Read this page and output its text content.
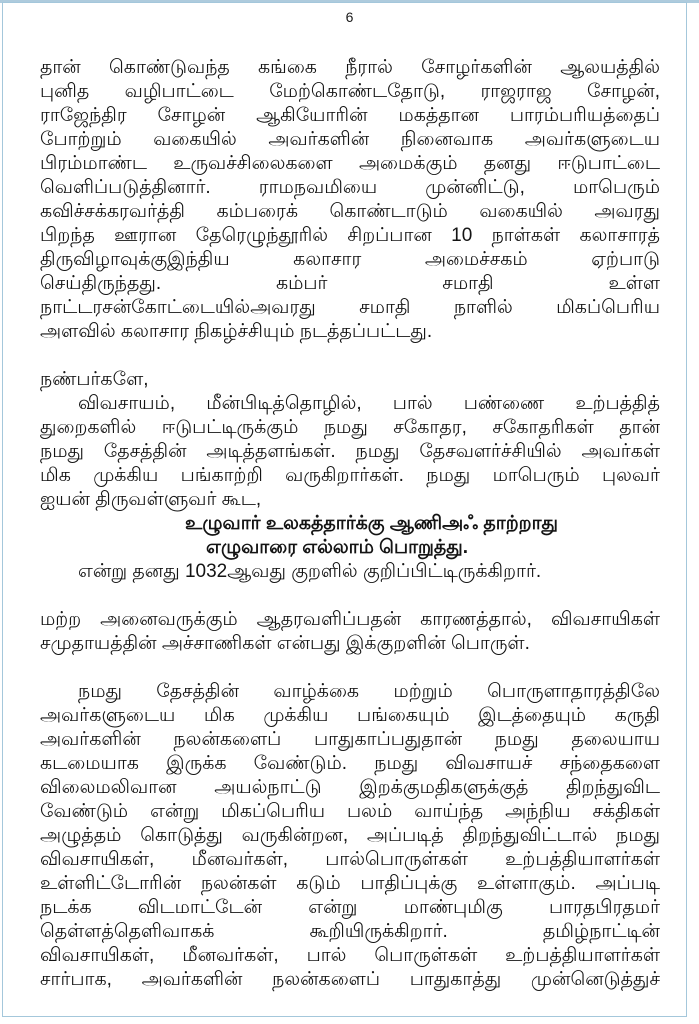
6
தான் கொண்டுவந்த கங்கை நீரால் சோழர்களின் ஆலயத்தில்
புனித வழிபாட்டை மேற்கொண்டதோடு, ராஜராஜ சோழன்,
ராஜேந்திர சோழன் ஆகியோரின் மகத்தான பாரம்பரியத்தைப்
போற்றும் வகையில் அவர்களின் நினைவாக அவர்களுடைய
பிரம்மாண்ட உருவச்சிலைகளை அமைக்கும் தனது ஈடுபாட்டை
வெளிப்படுத்தினார். ராமநவமியை முன்னிட்டு, மாபெரும்
கவிச்சக்கரவர்த்தி கம்பரைக் கொண்டாடும் வகையில் அவரது
பிறந்த ஊரான தேரெழுந்தூரில் சிறப்பான 10 நாள்கள் கலாசாரத்
திருவிழாவுக்குஇந்திய கலாசார அமைச்சகம் ஏற்பாடு
செய்திருந்தது. கம்பர் சமாதி உள்ள
நாட்டரசன்கோட்டையில்அவரது சமாதி நாளில் மிகப்பெரிய
அளவில் கலாசார நிகழ்ச்சியும் நடத்தப்பட்டது.
நண்பர்களே,
விவசாயம், மீன்பிடித்தொழில், பால் பண்ணை உற்பத்தித்
துறைகளில் ஈடுபட்டிருக்கும் நமது சகோதர, சகோதரிகள் தான்
நமது தேசத்தின் அடித்தளங்கள். நமது தேசவளர்ச்சியில் அவர்கள்
மிக முக்கிய பங்காற்றி வருகிறார்கள். நமது மாபெரும் புலவர்
ஐயன் திருவள்ளுவர் கூட,
உழுவார் உலகத்தார்க்கு ஆணிஅஃ தாற்றாது
எழுவாரை எல்லாம் பொறுத்து.
என்று தனது 1032ஆவது குறளில் குறிப்பிட்டிருக்கிறார்.
மற்ற அனைவருக்கும் ஆதரவளிப்பதன் காரணத்தால், விவசாயிகள்
சமுதாயத்தின் அச்சாணிகள் என்பது இக்குறளின் பொருள்.
நமது தேசத்தின் வாழ்க்கை மற்றும் பொருளாதாரத்திலே
அவர்களுடைய மிக முக்கிய பங்கையும் இடத்தையும் கருதி
அவர்களின் நலன்களைப் பாதுகாப்பதுதான் நமது தலையாய
கடமையாக இருக்க வேண்டும். நமது விவசாயச் சந்தைகளை
விலைமலிவான அயல்நாட்டு இறக்குமதிகளுக்குத் திறந்துவிட
வேண்டும் என்று மிகப்பெரிய பலம் வாய்ந்த அந்நிய சக்திகள்
அழுத்தம் கொடுத்து வருகின்றன, அப்படித் திறந்துவிட்டால் நமது
விவசாயிகள், மீனவர்கள், பால்பொருள்கள் உற்பத்தியாளர்கள்
உள்ளிட்டோரின் நலன்கள் கடும் பாதிப்புக்கு உள்ளாகும். அப்படி
நடக்க விடமாட்டேன் என்று மாண்புமிகு பாரதபிரதமர்
தெள்ளத்தெளிவாகக் கூறியிருக்கிறார். தமிழ்நாட்டின்
விவசாயிகள், மீனவர்கள், பால் பொருள்கள் உற்பத்தியாளர்கள்
சார்பாக, அவர்களின் நலன்களைப் பாதுகாத்து முன்னெடுத்துச்
